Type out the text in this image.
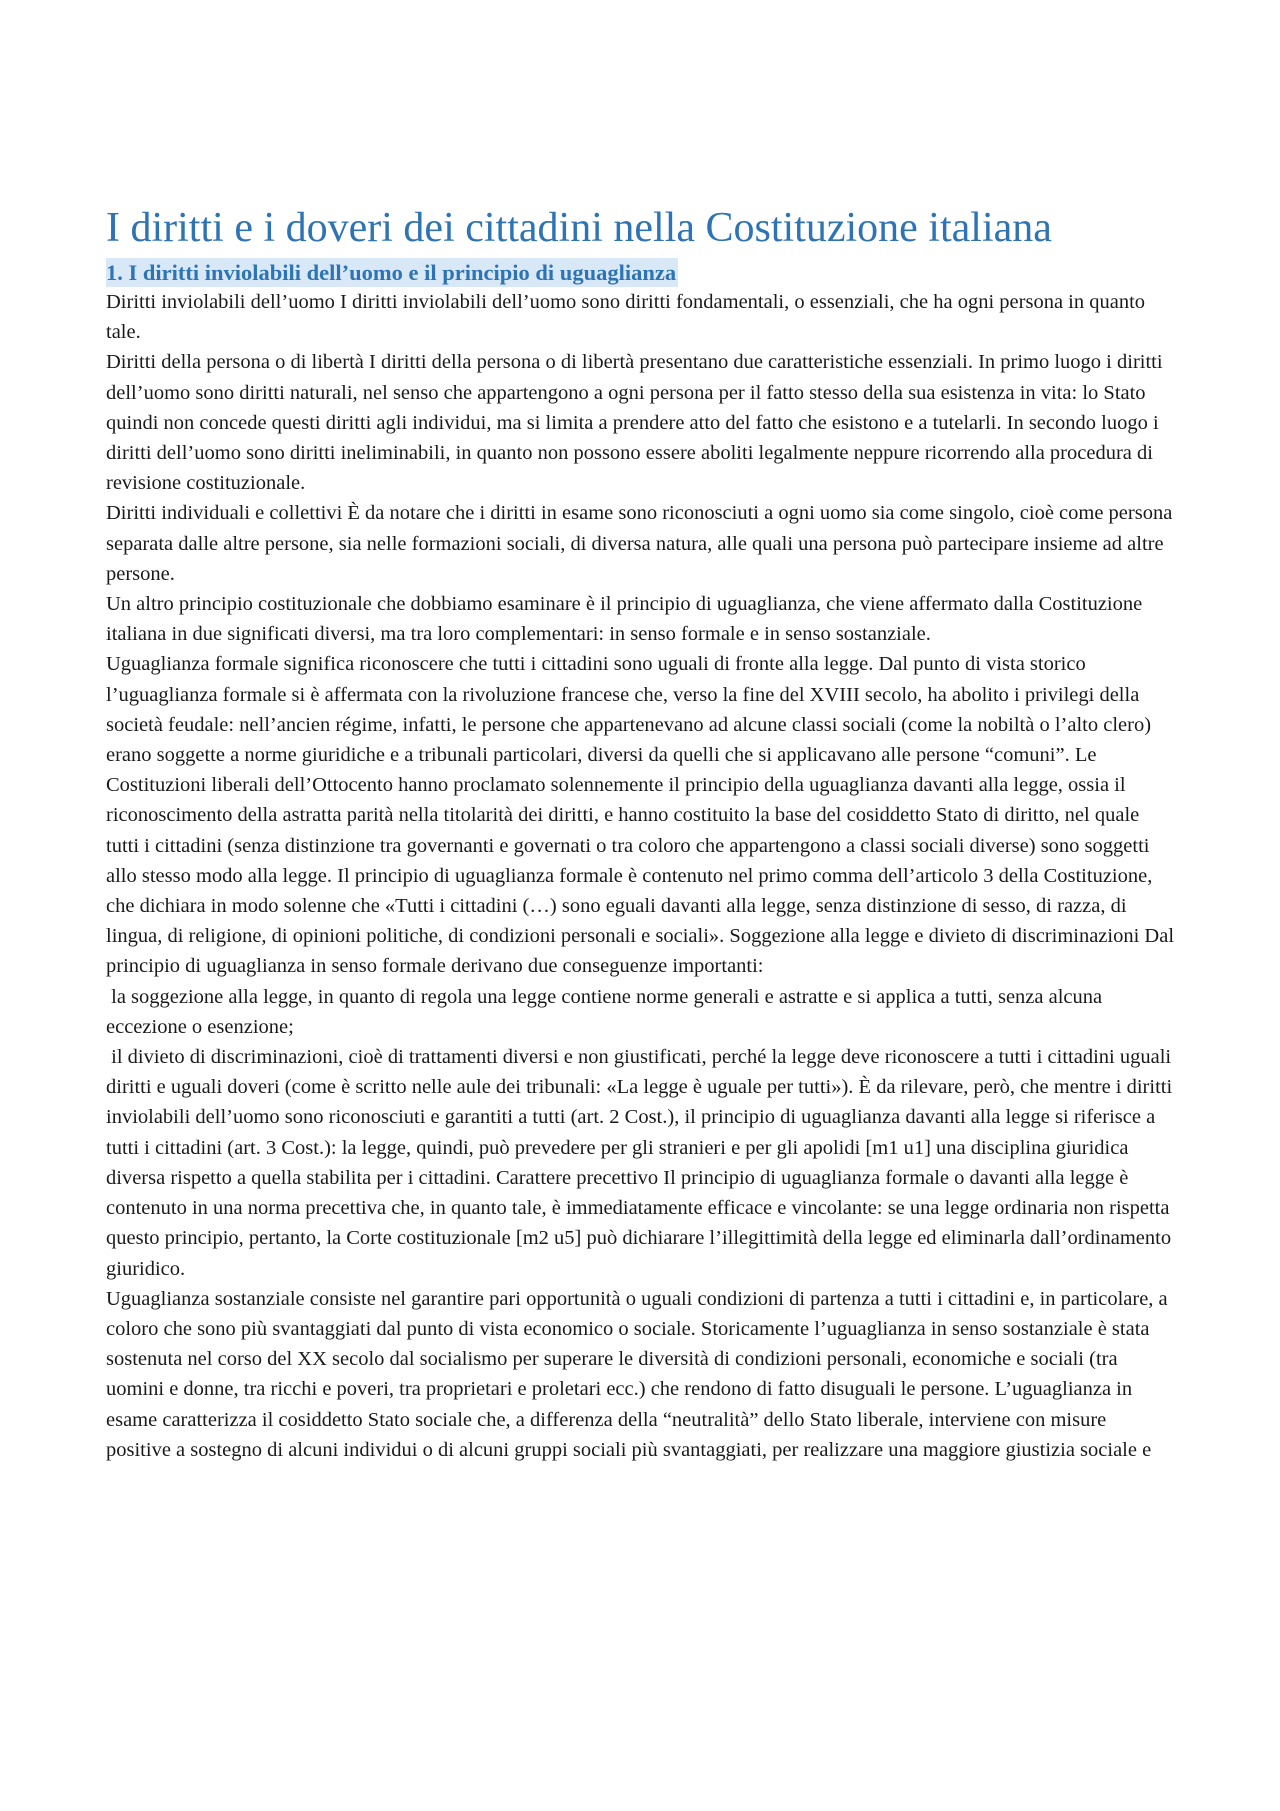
I diritti e i doveri dei cittadini nella Costituzione italiana
1. I diritti inviolabili dell’uomo e il principio di uguaglianza

Diritti inviolabili dell’uomo I diritti inviolabili dell’uomo sono diritti fondamentali, o essenziali, che ha ogni persona in quanto tale.

Diritti della persona o di libertà I diritti della persona o di libertà presentano due caratteristiche essenziali. In primo luogo i diritti dell’uomo sono diritti naturali, nel senso che appartengono a ogni persona per il fatto stesso della sua esistenza in vita: lo Stato quindi non concede questi diritti agli individui, ma si limita a prendere atto del fatto che esistono e a tutelarli. In secondo luogo i diritti dell’uomo sono diritti ineliminabili, in quanto non possono essere aboliti legalmente neppure ricorrendo alla procedura di revisione costituzionale.

Diritti individuali e collettivi È da notare che i diritti in esame sono riconosciuti a ogni uomo sia come singolo, cioè come persona separata dalle altre persone, sia nelle formazioni sociali, di diversa natura, alle quali una persona può partecipare insieme ad altre persone.

Un altro principio costituzionale che dobbiamo esaminare è il principio di uguaglianza, che viene affermato dalla Costituzione italiana in due significati diversi, ma tra loro complementari: in senso formale e in senso sostanziale.

Uguaglianza formale significa riconoscere che tutti i cittadini sono uguali di fronte alla legge. Dal punto di vista storico l’uguaglianza formale si è affermata con la rivoluzione francese che, verso la fine del XVIII secolo, ha abolito i privilegi della società feudale: nell’ancien régime, infatti, le persone che appartenevano ad alcune classi sociali (come la nobiltà o l’alto clero) erano soggette a norme giuridiche e a tribunali particolari, diversi da quelli che si applicavano alle persone “comuni”. Le Costituzioni liberali dell’Ottocento hanno proclamato solennemente il principio della uguaglianza davanti alla legge, ossia il riconoscimento della astratta parità nella titolarità dei diritti, e hanno costituito la base del cosiddetto Stato di diritto, nel quale tutti i cittadini (senza distinzione tra governanti e governati o tra coloro che appartengono a classi sociali diverse) sono soggetti allo stesso modo alla legge. Il principio di uguaglianza formale è contenuto nel primo comma dell’articolo 3 della Costituzione, che dichiara in modo solenne che «Tutti i cittadini (…) sono eguali davanti alla legge, senza distinzione di sesso, di razza, di lingua, di religione, di opinioni politiche, di condizioni personali e sociali». Soggezione alla legge e divieto di discriminazioni Dal principio di uguaglianza in senso formale derivano due conseguenze importanti:

la soggezione alla legge, in quanto di regola una legge contiene norme generali e astratte e si applica a tutti, senza alcuna eccezione o esenzione;

il divieto di discriminazioni, cioè di trattamenti diversi e non giustificati, perché la legge deve riconoscere a tutti i cittadini uguali diritti e uguali doveri (come è scritto nelle aule dei tribunali: «La legge è uguale per tutti»). È da rilevare, però, che mentre i diritti inviolabili dell’uomo sono riconosciuti e garantiti a tutti (art. 2 Cost.), il principio di uguaglianza davanti alla legge si riferisce a tutti i cittadini (art. 3 Cost.): la legge, quindi, può prevedere per gli stranieri e per gli apolidi [m1 u1] una disciplina giuridica diversa rispetto a quella stabilita per i cittadini. Carattere precettivo Il principio di uguaglianza formale o davanti alla legge è contenuto in una norma precettiva che, in quanto tale, è immediatamente efficace e vincolante: se una legge ordinaria non rispetta questo principio, pertanto, la Corte costituzionale [m2 u5] può dichiarare l’illegittimità della legge ed eliminarla dall’ordinamento giuridico.

Uguaglianza sostanziale consiste nel garantire pari opportunità o uguali condizioni di partenza a tutti i cittadini e, in particolare, a coloro che sono più svantaggiati dal punto di vista economico o sociale. Storicamente l’uguaglianza in senso sostanziale è stata sostenuta nel corso del XX secolo dal socialismo per superare le diversità di condizioni personali, economiche e sociali (tra uomini e donne, tra ricchi e poveri, tra proprietari e proletari ecc.) che rendono di fatto disuguali le persone. L’uguaglianza in esame caratterizza il cosiddetto Stato sociale che, a differenza della “neutralità” dello Stato liberale, interviene con misure positive a sostegno di alcuni individui o di alcuni gruppi sociali più svantaggiati, per realizzare una maggiore giustizia sociale e
